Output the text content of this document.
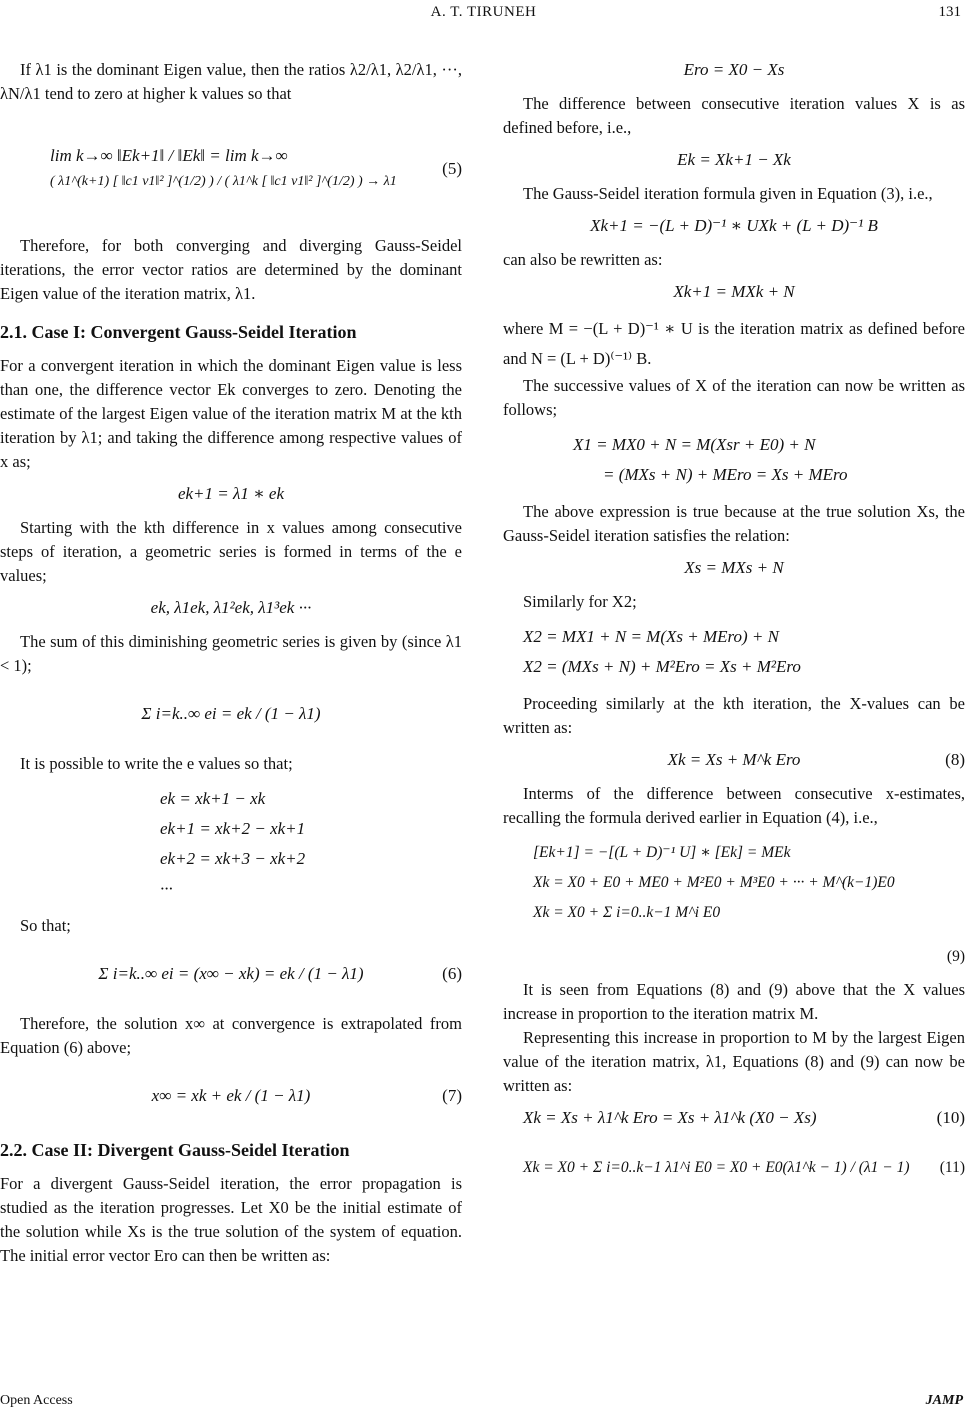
A. T. TIRUNEH	131

If λ1 is the dominant Eigen value, then the ratios λ2/λ1, λ2/λ1, ···, λN/λ1 tend to zero at higher k values so that

lim k→∞ ‖Ek+1‖ / ‖Ek‖ = lim k→∞
( λ1^(k+1) [ ‖c1 v1‖² ]^(1/2) ) / ( λ1^k [ ‖c1 v1‖² ]^(1/2) ) → λ1
(5)

Therefore, for both converging and diverging Gauss-Seidel iterations, the error vector ratios are determined by the dominant Eigen value of the iteration matrix, λ1.

2.1. Case I: Convergent Gauss-Seidel Iteration

For a convergent iteration in which the dominant Eigen value is less than one, the difference vector Ek converges to zero. Denoting the estimate of the largest Eigen value of the iteration matrix M at the kth iteration by λ1; and taking the difference among respective values of x as;

ek+1 = λ1 ∗ ek

Starting with the kth difference in x values among consecutive steps of iteration, a geometric series is formed in terms of the e values;

ek, λ1ek, λ1²ek, λ1³ek ···

The sum of this diminishing geometric series is given by (since λ1 < 1);

Σ i=k..∞ ei = ek / (1 − λ1)

It is possible to write the e values so that;

ek = xk+1 − xk
ek+1 = xk+2 − xk+1
ek+2 = xk+3 − xk+2
···

So that;

Σ i=k..∞ ei = (x∞ − xk) = ek / (1 − λ1)	(6)

Therefore, the solution x∞ at convergence is extrapolated from Equation (6) above;

x∞ = xk + ek / (1 − λ1)	(7)
2.2. Case II: Divergent Gauss-Seidel Iteration

For a divergent Gauss-Seidel iteration, the error propagation is studied as the iteration progresses. Let X0 be the initial estimate of the solution while Xs is the true solution of the system of equation. The initial error vector Ero can then be written as:

Ero = X0 − Xs

The difference between consecutive iteration values X is as defined before, i.e.,

Ek = Xk+1 − Xk

The Gauss-Seidel iteration formula given in Equation (3), i.e.,

Xk+1 = −(L + D)⁻¹ ∗ UXk + (L + D)⁻¹ B

can also be rewritten as:

Xk+1 = MXk + N

where M = −(L + D)⁻¹ ∗ U is the iteration matrix as defined before and N = (L + D)⁽⁻¹⁾ B.

The successive values of X of the iteration can now be written as follows;

X1 = MX0 + N = M(Xsr + E0) + N
= (MXs + N) + MEro = Xs + MEro

The above expression is true because at the true solution Xs, the Gauss-Seidel iteration satisfies the relation:

Xs = MXs + N

Similarly for X2;

X2 = MX1 + N = M(Xs + MEro) + N
X2 = (MXs + N) + M²Ero = Xs + M²Ero

Proceeding similarly at the kth iteration, the X-values can be written as:

Xk = Xs + M^k Ero	(8)

Interms of the difference between consecutive x-estimates, recalling the formula derived earlier in Equation (4), i.e.,

[Ek+1] = −[(L + D)⁻¹ U] ∗ [Ek] = MEk
Xk = X0 + E0 + ME0 + M²E0 + M³E0 + ··· + M^(k−1)E0
Xk = X0 + Σ i=0..k−1 M^i E0
(9)

It is seen from Equations (8) and (9) above that the X values increase in proportion to the iteration matrix M.

Representing this increase in proportion to M by the largest Eigen value of the iteration matrix, λ1, Equations (8) and (9) can now be written as:

Xk = Xs + λ1^k Ero = Xs + λ1^k (X0 − Xs)	(10)
Xk = X0 + Σ i=0..k−1 λ1^i E0 = X0 + E0(λ1^k − 1) / (λ1 − 1) (11)
Open Access	JAMP
